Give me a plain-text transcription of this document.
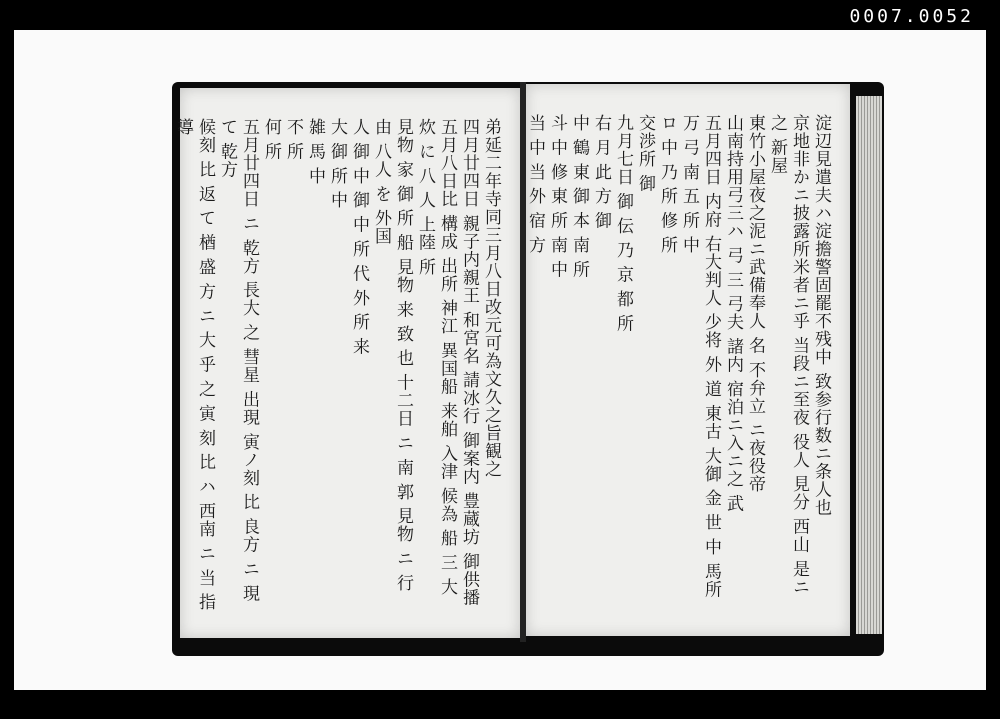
0007.0052
弟延二年寺同三月八日改元可為文久之旨観之
四月廿四日 親子内親王 和宮名 請冰行 御案内 豊蔵坊 御供播
五月八日比 構成 出所 神江 異国船 来舶 入津 候為 船 三 大炊 に 八 人 上陸 所
見物 家 御 所 船 見物 来 致 也 十二日 ニ 南 郭 見物 ニ 行 由 八人 を 外国
人 御 中 御 中 所 代 外 所 来
大 御 所 中
雑 馬 中
不 所
何 所
五月廿四日 ニ 乾方 長大 之 彗星 出現 寅ノ刻 比 良方 ニ 現 て 乾方
候刻 比 返 て 楢 盛 方 ニ 大 乎 之 寅 刻 比 ハ 西南 ニ 当 指 導	淀辺見遣夫ハ淀擔警固罷不残中 致参行数ニ条人也
京地非かニ披露所米者ニ乎 当段ニ至夜 役人 見分 西山 是ニ之 新屋
東竹小屋夜之泥ニ武備奉人 名 不弁立 ニ夜役帝
山南持用弓三ハ 弓 三 弓夫 諸内 宿泊ニ入ニ之 武
五月四日 内府 右大判人 少将 外 道 東古 大御 金 世 中 馬所
万 弓 南 五 所 中
ロ 中 乃 所 修 所
交渉所 御
九月七日 御 伝 乃 京 都 所
右 月 此 方 御
中 鶴 東 御 本 南 所
斗 中 修 東 所 南 中
当 中 当 外 宿 方
